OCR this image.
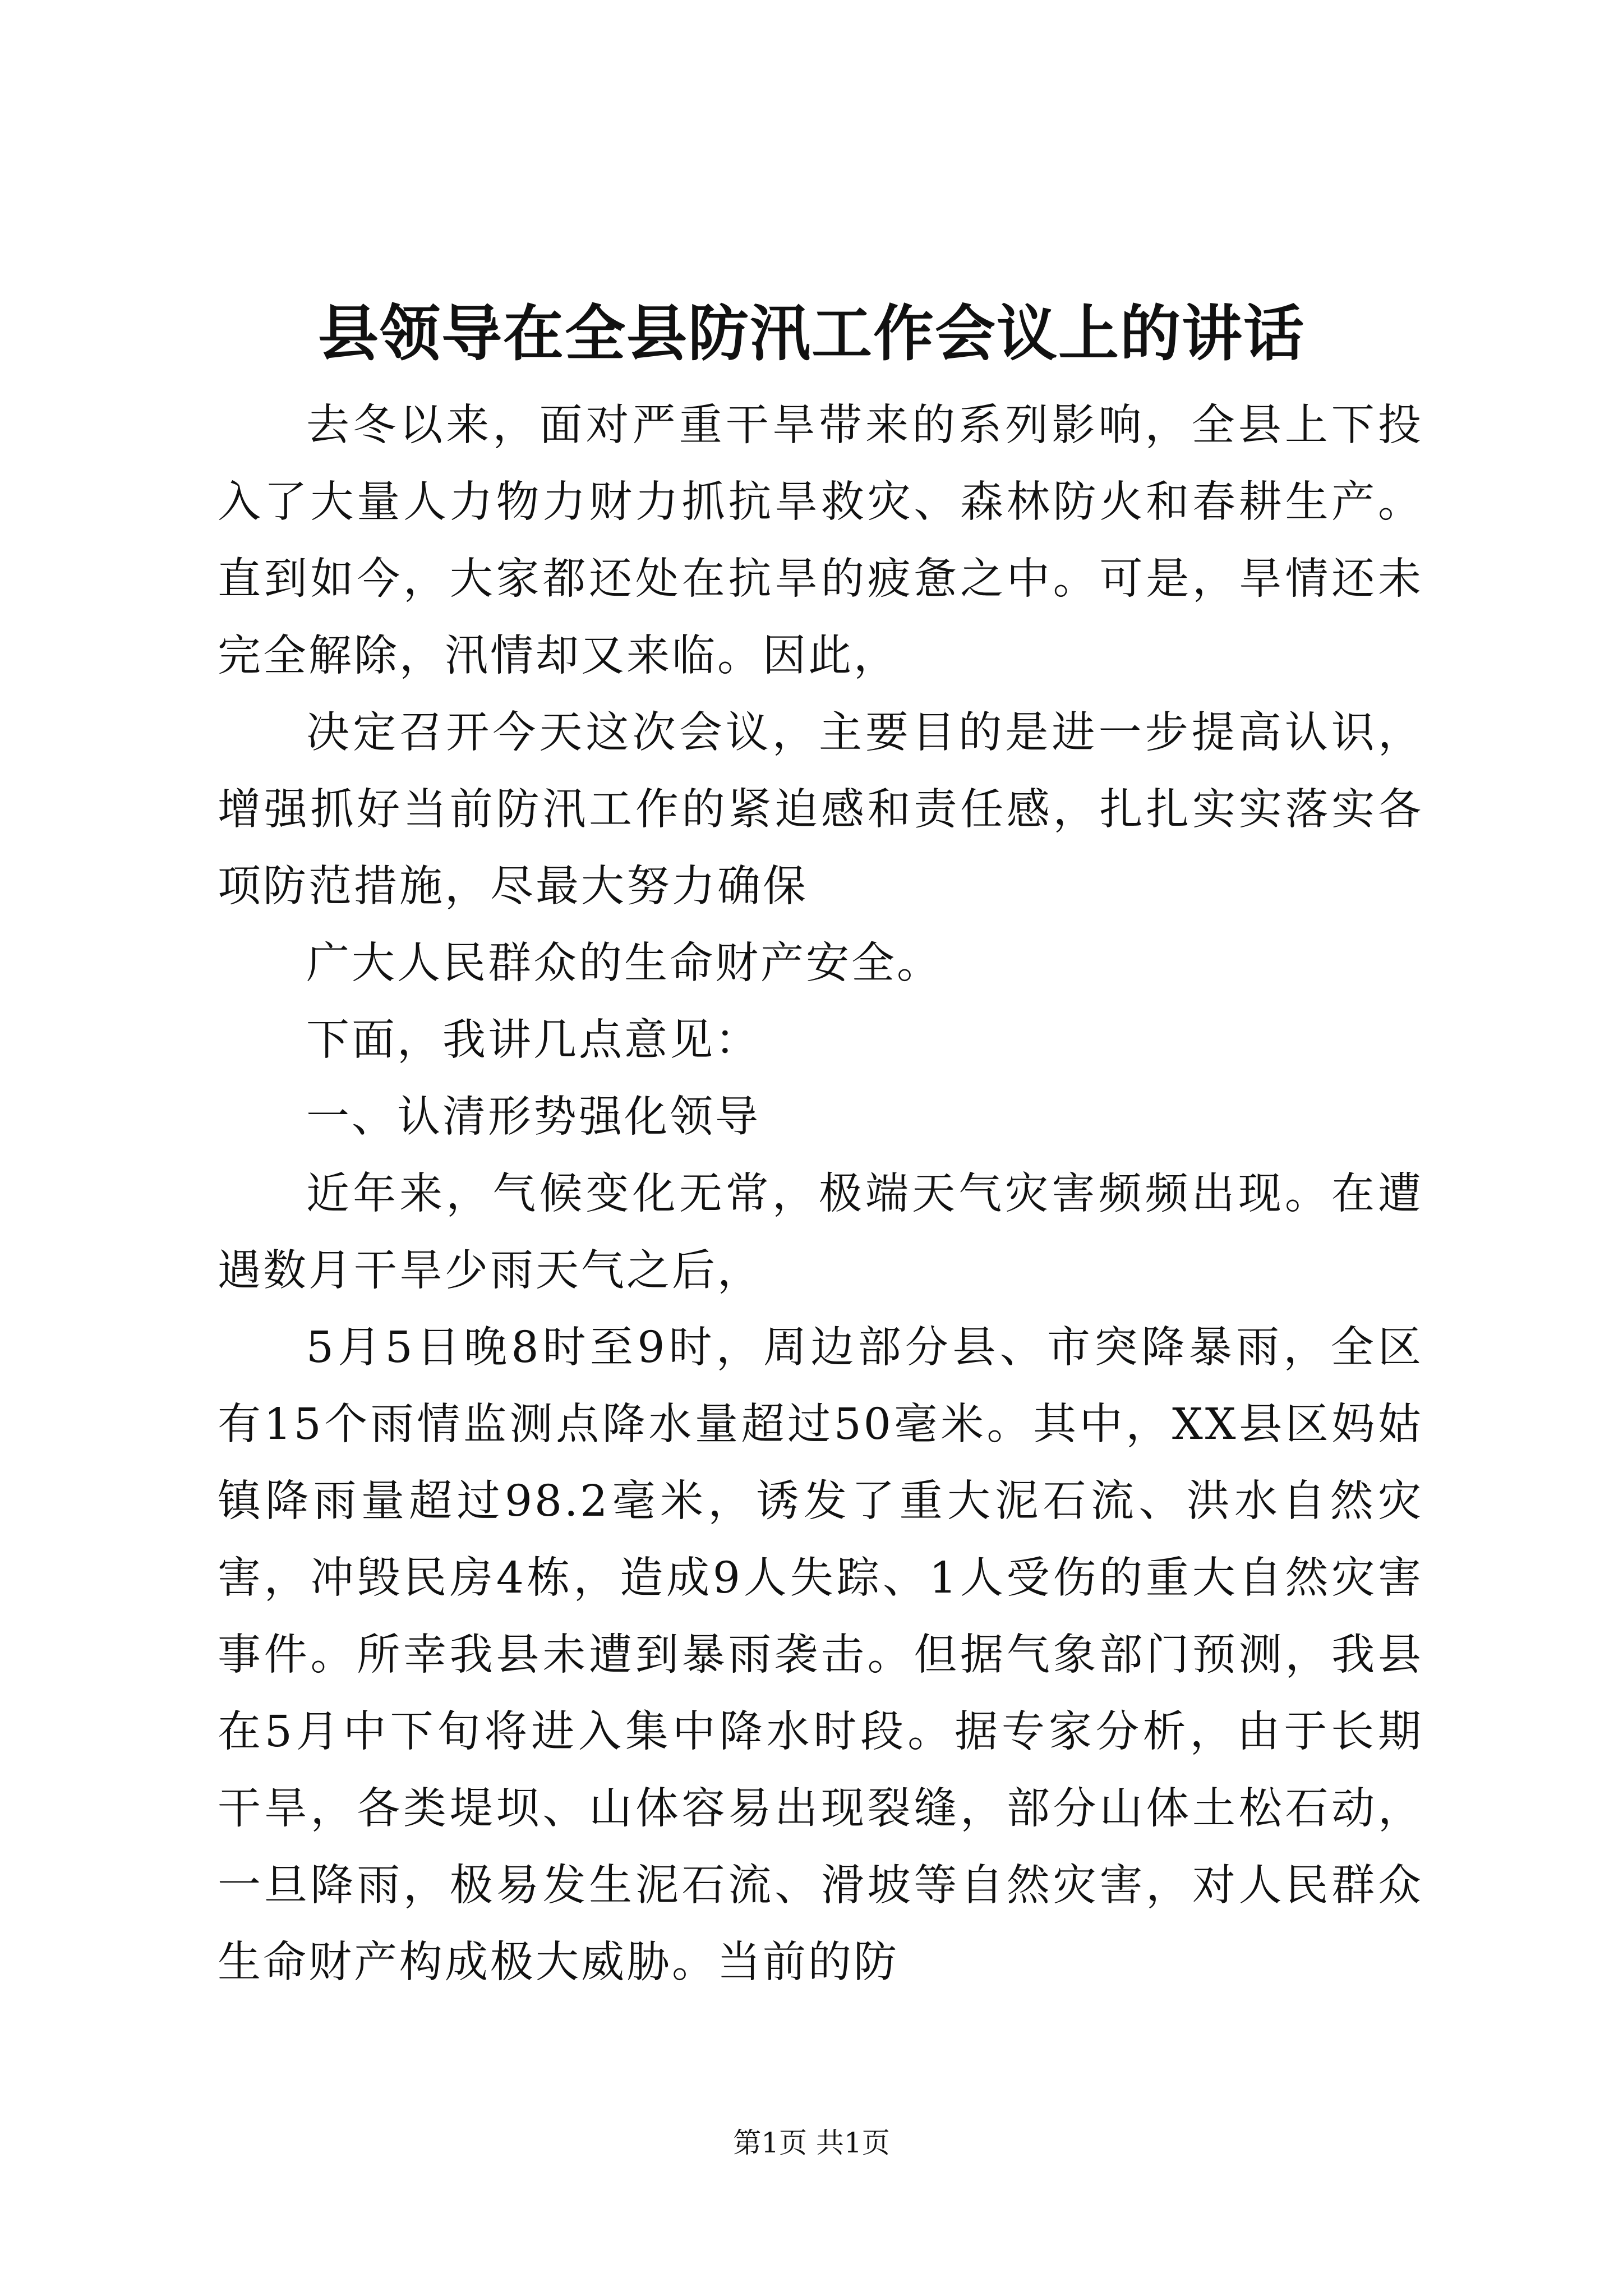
县领导在全县防汛工作会议上的讲话

去冬以来，面对严重干旱带来的系列影响，全县上下投入了大量人力物力财力抓抗旱救灾、森林防火和春耕生产。直到如今，大家都还处在抗旱的疲惫之中。可是，旱情还未完全解除，汛情却又来临。因此，

决定召开今天这次会议，主要目的是进一步提高认识，增强抓好当前防汛工作的紧迫感和责任感，扎扎实实落实各项防范措施，尽最大努力确保

广大人民群众的生命财产安全。

下面，我讲几点意见：

一、认清形势强化领导

近年来，气候变化无常，极端天气灾害频频出现。在遭遇数月干旱少雨天气之后，

5月5日晚8时至9时，周边部分县、市突降暴雨，全区有15个雨情监测点降水量超过50毫米。其中，XX县区妈姑镇降雨量超过98.2毫米，诱发了重大泥石流、洪水自然灾害，冲毁民房4栋，造成9人失踪、1人受伤的重大自然灾害事件。所幸我县未遭到暴雨袭击。但据气象部门预测，我县在5月中下旬将进入集中降水时段。据专家分析，由于长期干旱，各类堤坝、山体容易出现裂缝，部分山体土松石动，一旦降雨，极易发生泥石流、滑坡等自然灾害，对人民群众生命财产构成极大威胁。当前的防

第1页 共1页
